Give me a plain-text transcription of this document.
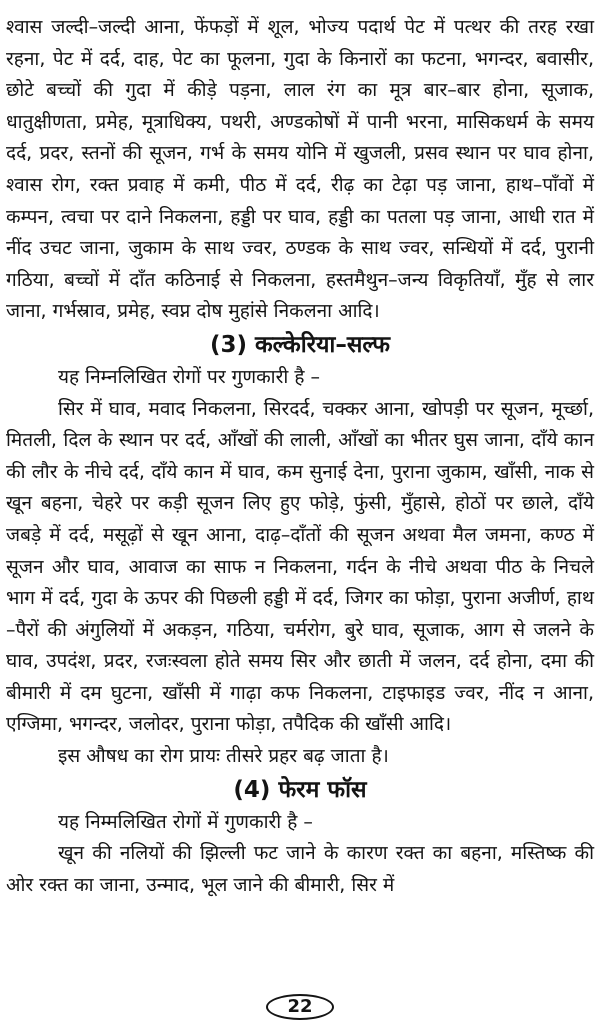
श्वास जल्दी–जल्दी आना, फेंफड़ों में शूल, भोज्य पदार्थ पेट में पत्थर की तरह रखा रहना, पेट में दर्द, दाह, पेट का फूलना, गुदा के किनारों का फटना, भगन्दर, बवासीर, छोटे बच्चों की गुदा में कीड़े पड़ना, लाल रंग का मूत्र बार–बार होना, सूजाक, धातुक्षीणता, प्रमेह, मूत्राधिक्य, पथरी, अण्डकोषों में पानी भरना, मासिकधर्म के समय दर्द, प्रदर, स्तनों की सूजन, गर्भ के समय योनि में खुजली, प्रसव स्थान पर घाव होना, श्वास रोग, रक्त प्रवाह में कमी, पीठ में दर्द, रीढ़ का टेढ़ा पड़ जाना, हाथ–पाँवों में कम्पन, त्वचा पर दाने निकलना, हड्डी पर घाव, हड्डी का पतला पड़ जाना, आधी रात में नींद उचट जाना, जुकाम के साथ ज्वर, ठण्डक के साथ ज्वर, सन्धियों में दर्द, पुरानी गठिया, बच्चों में दाँत कठिनाई से निकलना, हस्तमैथुन–जन्य विकृतियाँ, मुँह से लार जाना, गर्भस्राव, प्रमेह, स्वप्न दोष मुहांसे निकलना आदि।

(3) कल्केरिया–सल्फ

यह निम्नलिखित रोगों पर गुणकारी है –

सिर में घाव, मवाद निकलना, सिरदर्द, चक्कर आना, खोपड़ी पर सूजन, मूर्च्छा, मितली, दिल के स्थान पर दर्द, आँखों की लाली, आँखों का भीतर घुस जाना, दाँये कान की लौर के नीचे दर्द, दाँये कान में घाव, कम सुनाई देना, पुराना जुकाम, खाँसी, नाक से खून बहना, चेहरे पर कड़ी सूजन लिए हुए फोड़े, फुंसी, मुँहासे, होठों पर छाले, दाँये जबड़े में दर्द, मसूढ़ों से खून आना, दाढ़–दाँतों की सूजन अथवा मैल जमना, कण्ठ में सूजन और घाव, आवाज का साफ न निकलना, गर्दन के नीचे अथवा पीठ के निचले भाग में दर्द, गुदा के ऊपर की पिछली हड्डी में दर्द, जिगर का फोड़ा, पुराना अजीर्ण, हाथ –पैरों की अंगुलियों में अकड़न, गठिया, चर्मरोग, बुरे घाव, सूजाक, आग से जलने के घाव, उपदंश, प्रदर, रजःस्वला होते समय सिर और छाती में जलन, दर्द होना, दमा की बीमारी में दम घुटना, खाँसी में गाढ़ा कफ निकलना, टाइफाइड ज्वर, नींद न आना, एग्जिमा, भगन्दर, जलोदर, पुराना फोड़ा, तपैदिक की खाँसी आदि।

इस औषध का रोग प्रायः तीसरे प्रहर बढ़ जाता है।

(4) फेरम फॉस

यह निम्मलिखित रोगों में गुणकारी है –

खून की नलियों की झिल्ली फट जाने के कारण रक्त का बहना, मस्तिष्क की ओर रक्त का जाना, उन्माद, भूल जाने की बीमारी, सिर में

22
